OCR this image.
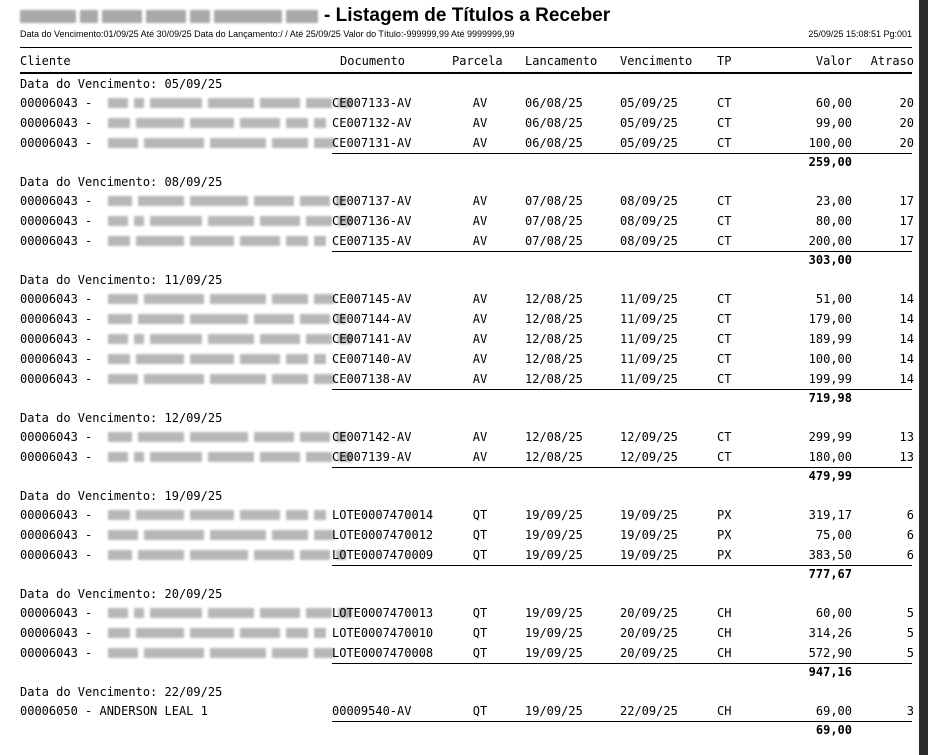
- Listagem de Títulos a Receber
Data do Vencimento:01/09/25 Até 30/09/25 Data do Lançamento:/ / Até 25/09/25 Valor do Título:-999999,99 Até 9999999,99	25/09/25 15:08:51 Pg:001
Cliente	Documento	Parcela	Lancamento Vencimento TP	Valor	Atraso
Data do Vencimento: 05/09/25
00006043 -	CE007133-AV	AV	06/08/25	05/09/25	CT	60,00	20
00006043 -	CE007132-AV	AV	06/08/25	05/09/25	CT	99,00	20
00006043 -	CE007131-AV	AV	06/08/25	05/09/25	CT	100,00	20
259,00
Data do Vencimento: 08/09/25
00006043 -	CE007137-AV	AV	07/08/25	08/09/25	CT	23,00	17
00006043 -	CE007136-AV	AV	07/08/25	08/09/25	CT	80,00	17
00006043 -	CE007135-AV	AV	07/08/25	08/09/25	CT	200,00	17
303,00
Data do Vencimento: 11/09/25
00006043 -	CE007145-AV	AV	12/08/25	11/09/25	CT	51,00	14
00006043 -	CE007144-AV	AV	12/08/25	11/09/25	CT	179,00	14
00006043 -	CE007141-AV	AV	12/08/25	11/09/25	CT	189,99	14
00006043 -	CE007140-AV	AV	12/08/25	11/09/25	CT	100,00	14
00006043 -	CE007138-AV	AV	12/08/25	11/09/25	CT	199,99	14
719,98
Data do Vencimento: 12/09/25
00006043 -	CE007142-AV	AV	12/08/25	12/09/25	CT	299,99	13
00006043 -	CE007139-AV	AV	12/08/25	12/09/25	CT	180,00	13
479,99
Data do Vencimento: 19/09/25
00006043 -	LOTE0007470014	QT	19/09/25	19/09/25	PX	319,17	6
00006043 -	LOTE0007470012	QT	19/09/25	19/09/25	PX	75,00	6
00006043 -	LOTE0007470009	QT	19/09/25	19/09/25	PX	383,50	6
777,67
Data do Vencimento: 20/09/25
00006043 -	LOTE0007470013	QT	19/09/25	20/09/25	CH	60,00	5
00006043 -	LOTE0007470010	QT	19/09/25	20/09/25	CH	314,26	5
00006043 -	LOTE0007470008	QT	19/09/25	20/09/25	CH	572,90	5
947,16
Data do Vencimento: 22/09/25
00006050 - ANDERSON LEAL 1	00009540-AV	QT	19/09/25	22/09/25	CH	69,00	3
69,00
